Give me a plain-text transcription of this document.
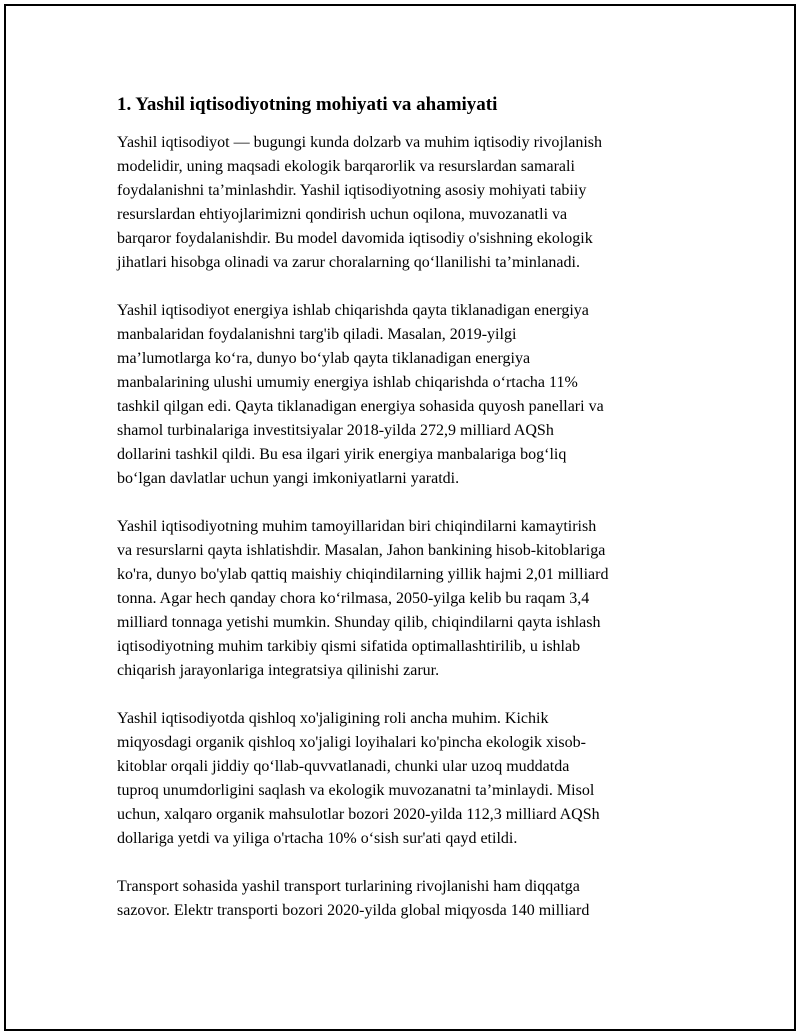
1. Yashil iqtisodiyotning mohiyati va ahamiyati

Yashil iqtisodiyot — bugungi kunda dolzarb va muhim iqtisodiy rivojlanish
modelidir, uning maqsadi ekologik barqarorlik va resurslardan samarali
foydalanishni ta’minlashdir. Yashil iqtisodiyotning asosiy mohiyati tabiiy
resurslardan ehtiyojlarimizni qondirish uchun oqilona, muvozanatli va
barqaror foydalanishdir. Bu model davomida iqtisodiy o'sishning ekologik
jihatlari hisobga olinadi va zarur choralarning qo‘llanilishi ta’minlanadi.

Yashil iqtisodiyot energiya ishlab chiqarishda qayta tiklanadigan energiya
manbalaridan foydalanishni targ'ib qiladi. Masalan, 2019-yilgi
ma’lumotlarga ko‘ra, dunyo bo‘ylab qayta tiklanadigan energiya
manbalarining ulushi umumiy energiya ishlab chiqarishda o‘rtacha 11%
tashkil qilgan edi. Qayta tiklanadigan energiya sohasida quyosh panellari va
shamol turbinalariga investitsiyalar 2018-yilda 272,9 milliard AQSh
dollarini tashkil qildi. Bu esa ilgari yirik energiya manbalariga bog‘liq
bo‘lgan davlatlar uchun yangi imkoniyatlarni yaratdi.

Yashil iqtisodiyotning muhim tamoyillaridan biri chiqindilarni kamaytirish
va resurslarni qayta ishlatishdir. Masalan, Jahon bankining hisob-kitoblariga
ko'ra, dunyo bo'ylab qattiq maishiy chiqindilarning yillik hajmi 2,01 milliard
tonna. Agar hech qanday chora ko‘rilmasa, 2050-yilga kelib bu raqam 3,4
milliard tonnaga yetishi mumkin. Shunday qilib, chiqindilarni qayta ishlash
iqtisodiyotning muhim tarkibiy qismi sifatida optimallashtirilib, u ishlab
chiqarish jarayonlariga integratsiya qilinishi zarur.

Yashil iqtisodiyotda qishloq xo'jaligining roli ancha muhim. Kichik
miqyosdagi organik qishloq xo'jaligi loyihalari ko'pincha ekologik xisob-
kitoblar orqali jiddiy qo‘llab-quvvatlanadi, chunki ular uzoq muddatda
tuproq unumdorligini saqlash va ekologik muvozanatni ta’minlaydi. Misol
uchun, xalqaro organik mahsulotlar bozori 2020-yilda 112,3 milliard AQSh
dollariga yetdi va yiliga o'rtacha 10% o‘sish sur'ati qayd etildi.

Transport sohasida yashil transport turlarining rivojlanishi ham diqqatga
sazovor. Elektr transporti bozori 2020-yilda global miqyosda 140 milliard
